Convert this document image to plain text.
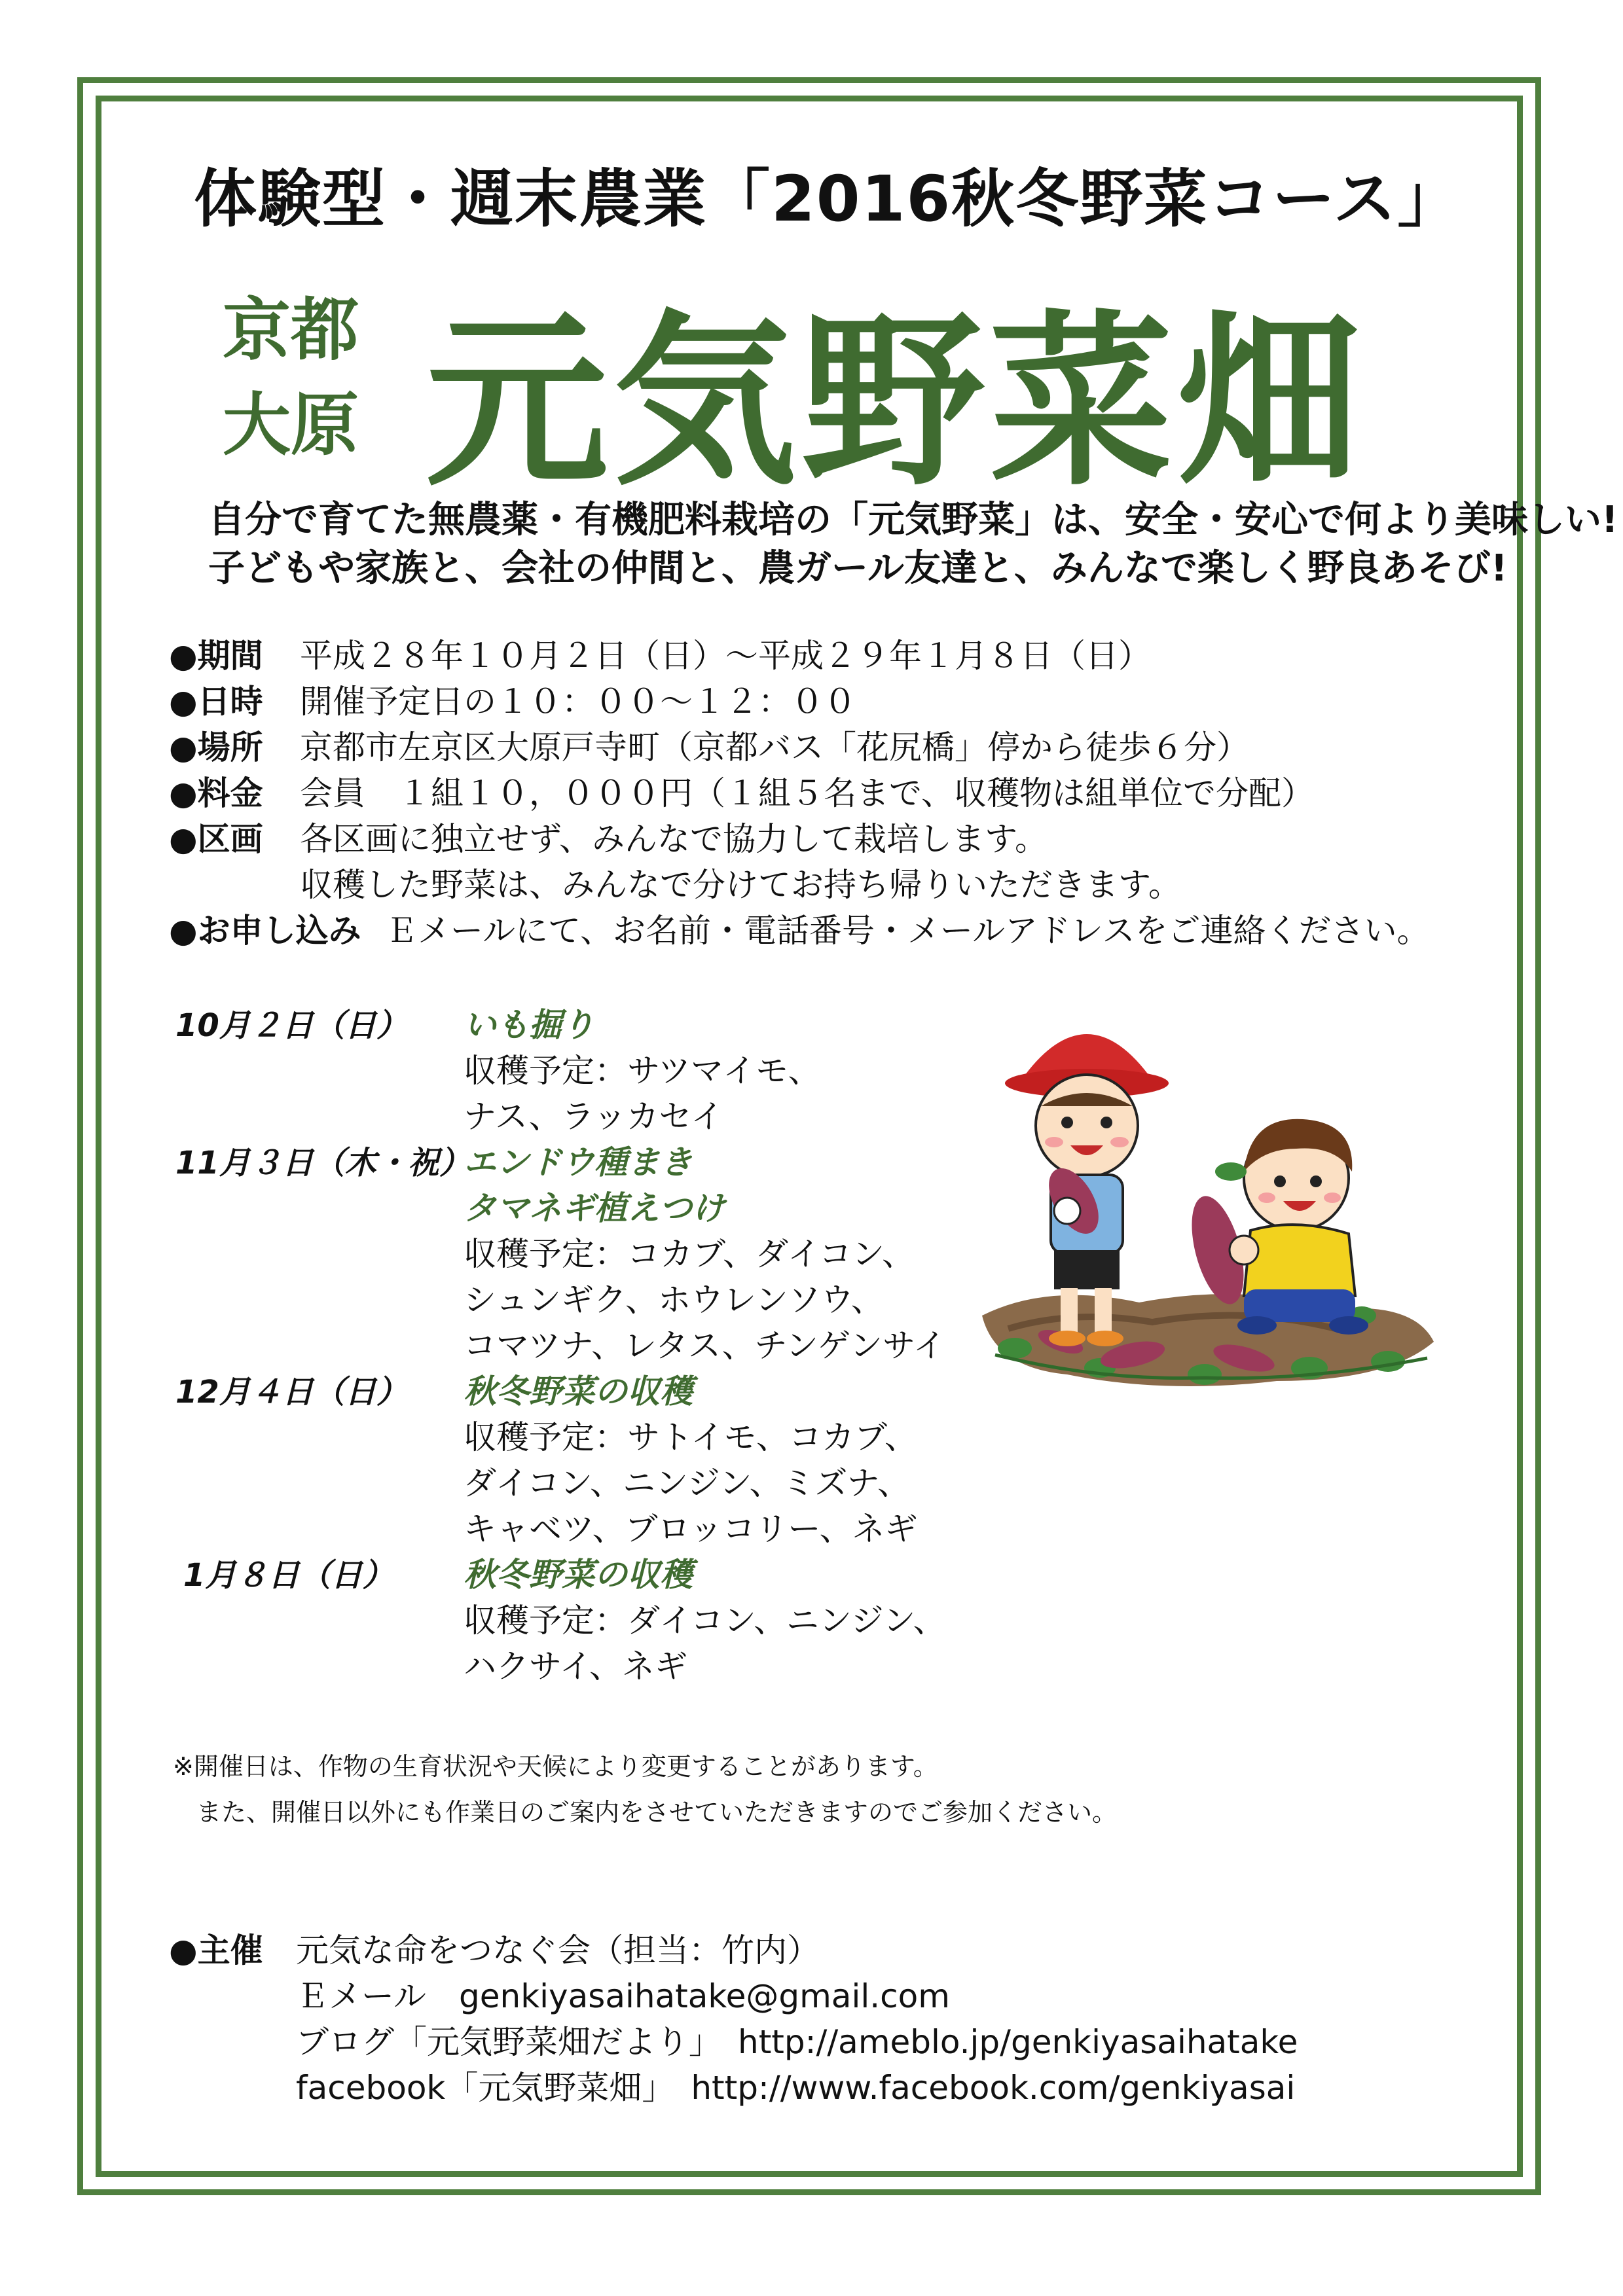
体験型・週末農業「2016秋冬野菜コース」
京都
大原 元気野菜畑
自分で育てた無農薬・有機肥料栽培の「元気野菜」は、安全・安心で何より美味しい!
子どもや家族と、会社の仲間と、農ガール友達と、みんなで楽しく野良あそび!
●期間 平成２８年１０月２日（日）～平成２９年１月８日（日）
●日時 開催予定日の１０：００～１２：００
●場所 京都市左京区大原戸寺町（京都バス「花尻橋」停から徒歩６分）
●料金 会員　１組１０，０００円（１組５名まで、収穫物は組単位で分配）
●区画 各区画に独立せず、みんなで協力して栽培します。
収穫した野菜は、みんなで分けてお持ち帰りいただきます。
●お申し込み Ｅメールにて、お名前・電話番号・メールアドレスをご連絡ください。
10月２日（日） いも掘り
収穫予定：サツマイモ、
ナス、ラッカセイ
11月３日（木・祝）
エンドウ種まき
タマネギ植えつけ
収穫予定：コカブ、ダイコン、
シュンギク、ホウレンソウ、
コマツナ、レタス、チンゲンサイ
12月４日（日） 秋冬野菜の収穫
収穫予定：サトイモ、コカブ、
ダイコン、ニンジン、ミズナ、
キャベツ、ブロッコリー、ネギ
1月８日（日） 秋冬野菜の収穫
収穫予定：ダイコン、ニンジン、
ハクサイ、ネギ
※開催日は、作物の生育状況や天候により変更することがあります。
また、開催日以外にも作業日のご案内をさせていただきますのでご参加ください。
●主催 元気な命をつなぐ会（担当：竹内）
Ｅメール　genkiyasaihatake@gmail.com
ブログ「元気野菜畑だより」　http://ameblo.jp/genkiyasaihatake
facebook「元気野菜畑」　http://www.facebook.com/genkiyasai
